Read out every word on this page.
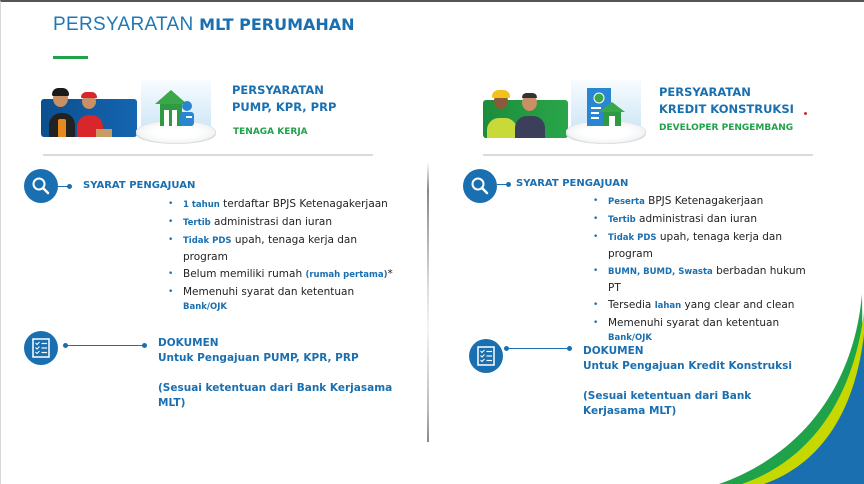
PERSYARATAN MLT PERUMAHAN
PERSYARATAN
PUMP, KPR, PRP
TENAGA KERJA
PERSYARATAN
KREDIT KONSTRUKSI
DEVELOPER PENGEMBANG
SYARAT PENGAJUAN
• 1 tahun terdaftar BPJS Ketenagakerjaan
• Tertib administrasi dan iuran
• Tidak PDS upah, tenaga kerja dan program
• Belum memiliki rumah (rumah pertama)*
• Memenuhi syarat dan ketentuan
Bank/OJK
DOKUMEN
Untuk Pengajuan PUMP, KPR, PRP
(Sesuai ketentuan dari Bank Kerjasama MLT)
SYARAT PENGAJUAN
• Peserta BPJS Ketenagakerjaan
• Tertib administrasi dan iuran
• Tidak PDS upah, tenaga kerja dan program
• BUMN, BUMD, Swasta berbadan hukum PT
• Tersedia lahan yang clear and clean
• Memenuhi syarat dan ketentuan
Bank/OJK
DOKUMEN
Untuk Pengajuan Kredit Konstruksi
(Sesuai ketentuan dari Bank Kerjasama MLT)
